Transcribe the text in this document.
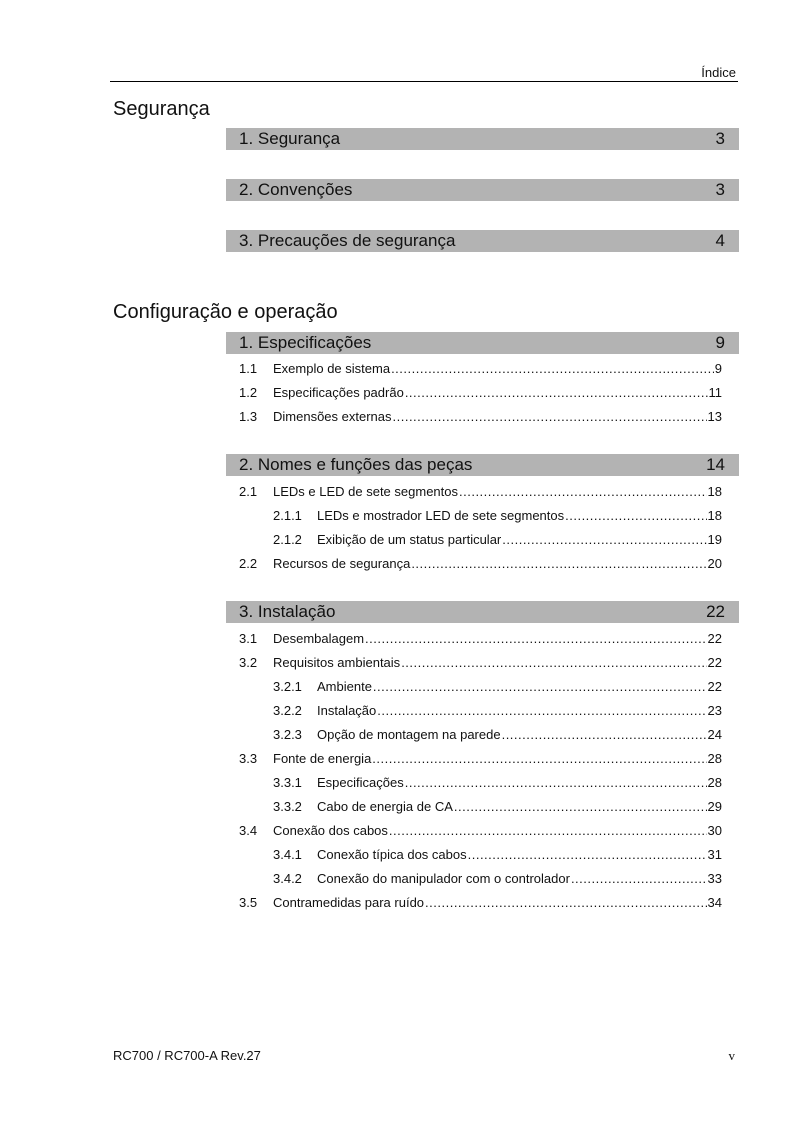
Índice
Segurança
1. Segurança	3
2. Convenções	3
3. Precauções de segurança	4
Configuração e operação
1. Especificações	9
1.1	Exemplo de sistema .....	9
1.2	Especificações padrão .....	11
1.3	Dimensões externas .....	13
2. Nomes e funções das peças	14
2.1	LEDs e LED de sete segmentos .....	18
2.1.1	LEDs e mostrador LED de sete segmentos .....	18
2.1.2	Exibição de um status particular .....	19
2.2	Recursos de segurança .....	20
3. Instalação	22
3.1	Desembalagem .....	22
3.2	Requisitos ambientais .....	22
3.2.1	Ambiente .....	22
3.2.2	Instalação .....	23
3.2.3	Opção de montagem na parede .....	24
3.3	Fonte de energia .....	28
3.3.1	Especificações .....	28
3.3.2	Cabo de energia de CA .....	29
3.4	Conexão dos cabos .....	30
3.4.1	Conexão típica dos cabos .....	31
3.4.2	Conexão do manipulador com o controlador .....	33
3.5	Contramedidas para ruído .....	34
RC700 / RC700-A Rev.27	v
